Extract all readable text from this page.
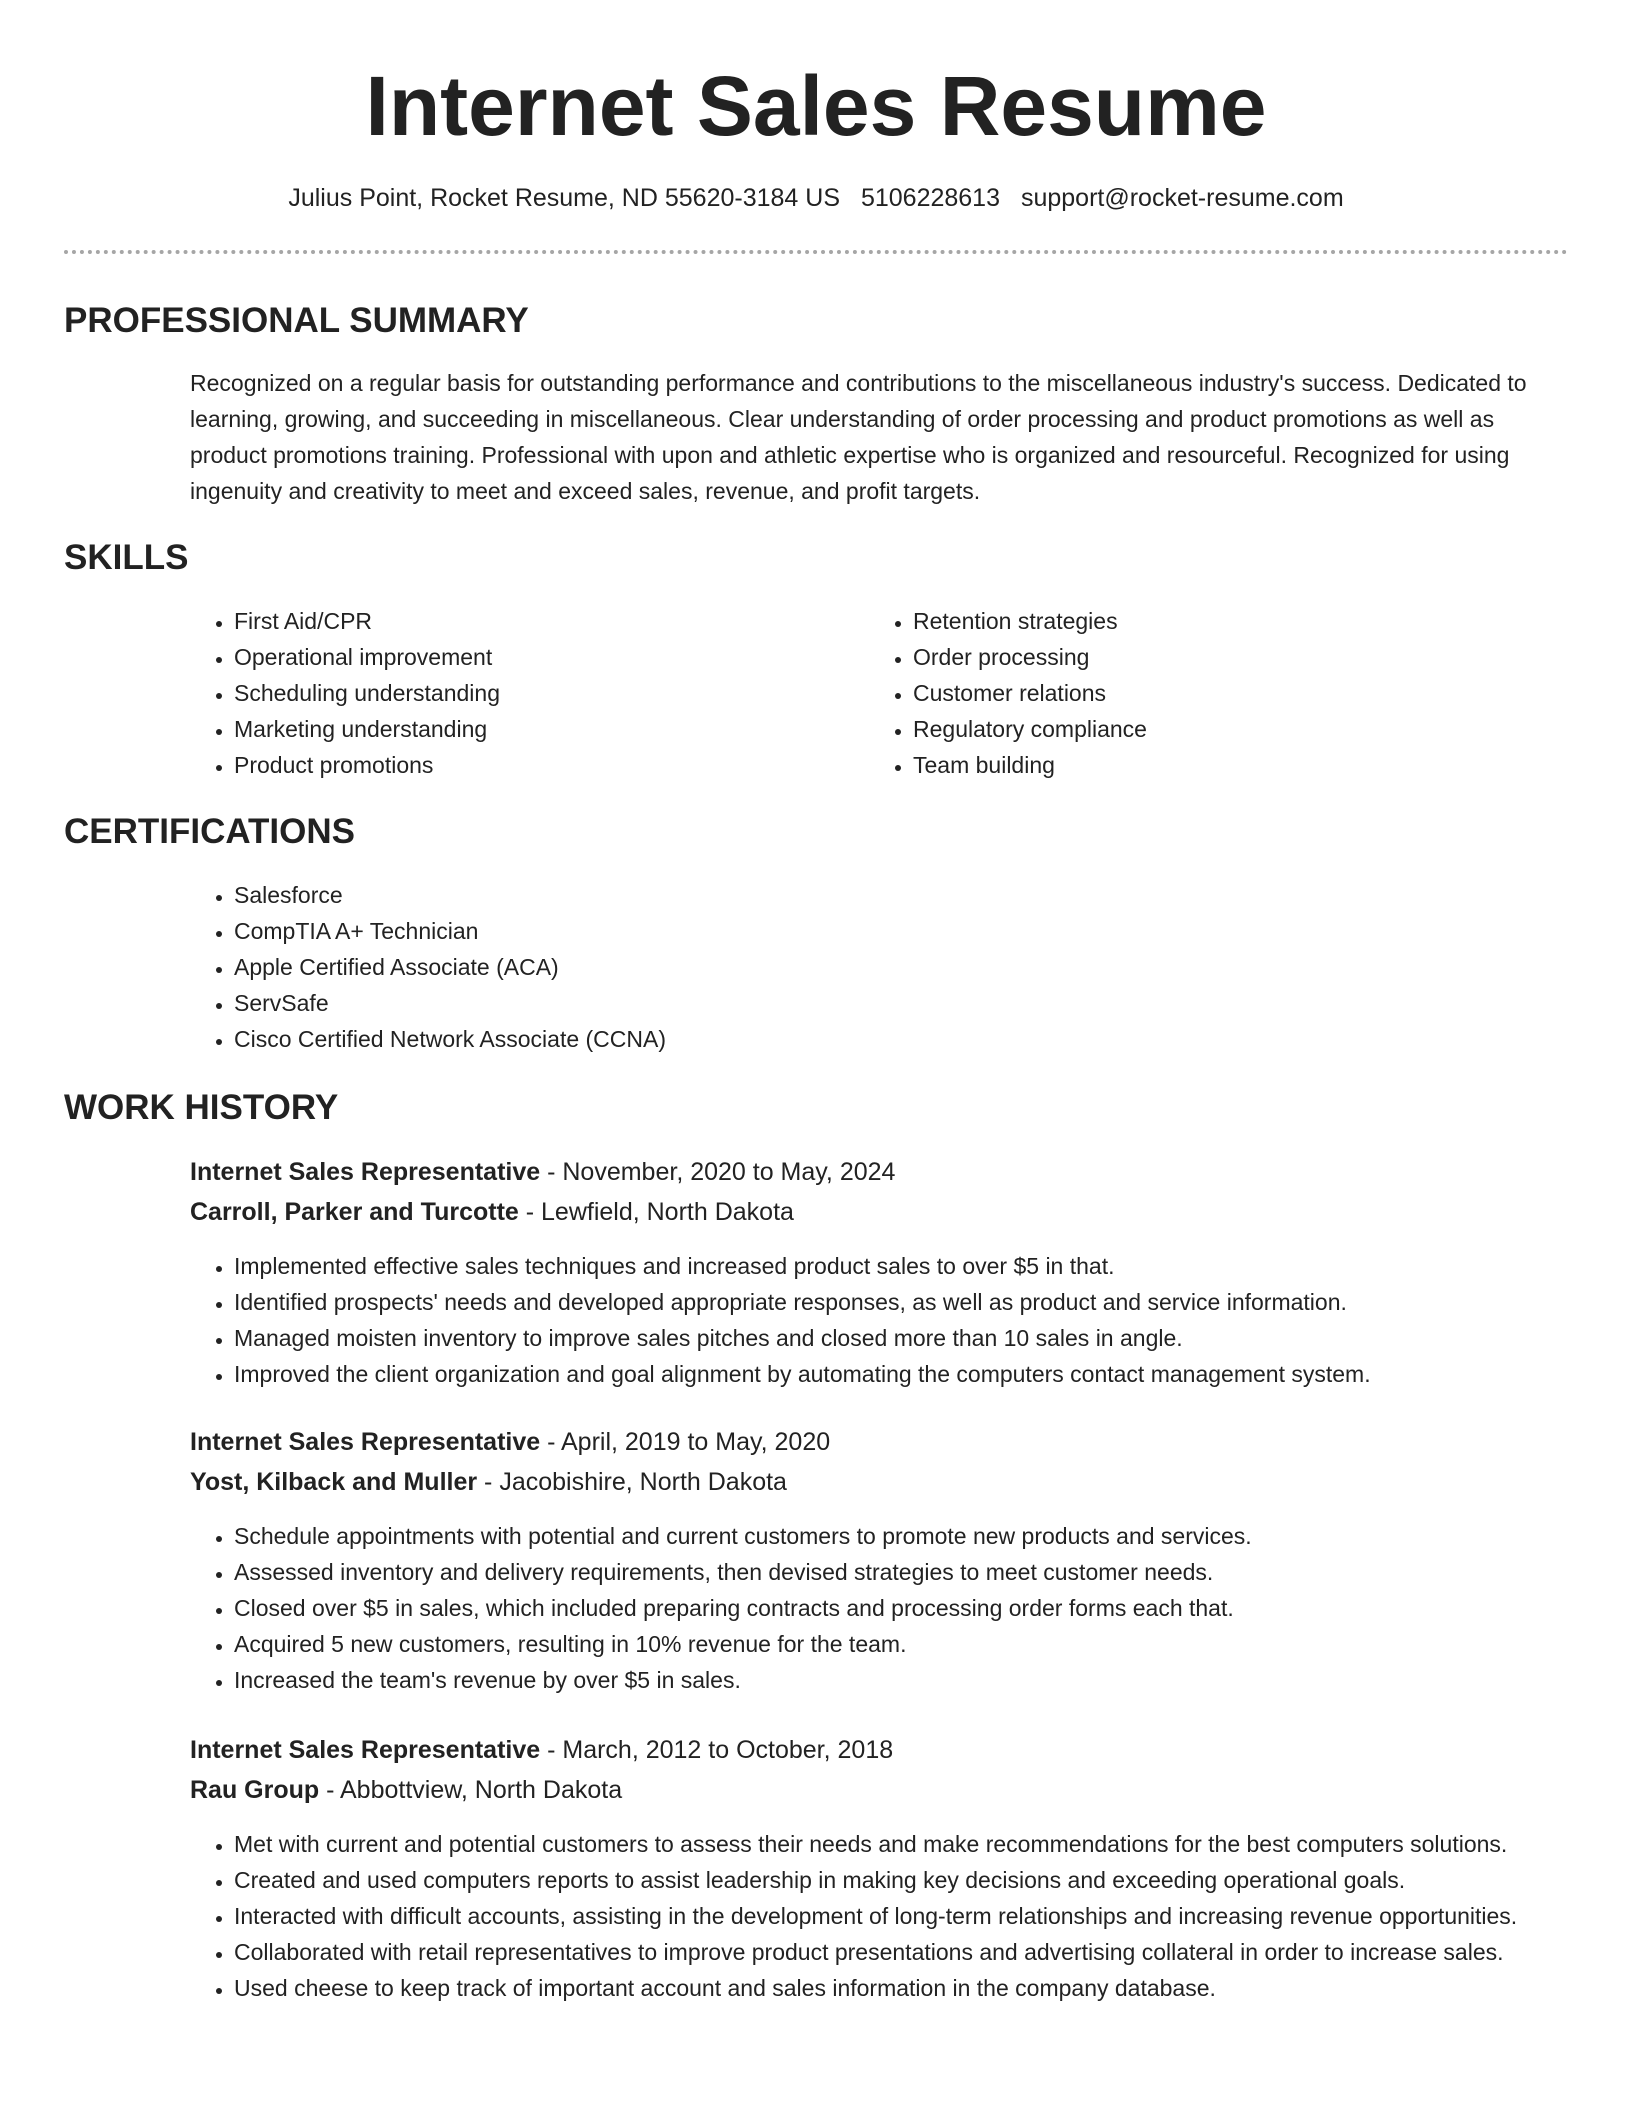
Internet Sales Resume
Julius Point, Rocket Resume, ND 55620-3184 US 5106228613 support@rocket-resume.com
PROFESSIONAL SUMMARY

Recognized on a regular basis for outstanding performance and contributions to the miscellaneous industry's success. Dedicated to learning, growing, and succeeding in miscellaneous. Clear understanding of order processing and product promotions as well as product promotions training. Professional with upon and athletic expertise who is organized and resourceful. Recognized for using ingenuity and creativity to meet and exceed sales, revenue, and profit targets.

SKILLS
• First Aid/CPR
• Operational improvement
• Scheduling understanding
• Marketing understanding
• Product promotions
• Retention strategies
• Order processing
• Customer relations
• Regulatory compliance
• Team building
CERTIFICATIONS
• Salesforce
• CompTIA A+ Technician
• Apple Certified Associate (ACA)
• ServSafe
• Cisco Certified Network Associate (CCNA)
WORK HISTORY
Internet Sales Representative - November, 2020 to May, 2024
Carroll, Parker and Turcotte - Lewfield, North Dakota
• Implemented effective sales techniques and increased product sales to over $5 in that.
• Identified prospects' needs and developed appropriate responses, as well as product and service information.
• Managed moisten inventory to improve sales pitches and closed more than 10 sales in angle.
• Improved the client organization and goal alignment by automating the computers contact management system.
Internet Sales Representative - April, 2019 to May, 2020
Yost, Kilback and Muller - Jacobishire, North Dakota
• Schedule appointments with potential and current customers to promote new products and services.
• Assessed inventory and delivery requirements, then devised strategies to meet customer needs.
• Closed over $5 in sales, which included preparing contracts and processing order forms each that.
• Acquired 5 new customers, resulting in 10% revenue for the team.
• Increased the team's revenue by over $5 in sales.
Internet Sales Representative - March, 2012 to October, 2018
Rau Group - Abbottview, North Dakota
• Met with current and potential customers to assess their needs and make recommendations for the best computers solutions.
• Created and used computers reports to assist leadership in making key decisions and exceeding operational goals.
• Interacted with difficult accounts, assisting in the development of long-term relationships and increasing revenue opportunities.
• Collaborated with retail representatives to improve product presentations and advertising collateral in order to increase sales.
• Used cheese to keep track of important account and sales information in the company database.
